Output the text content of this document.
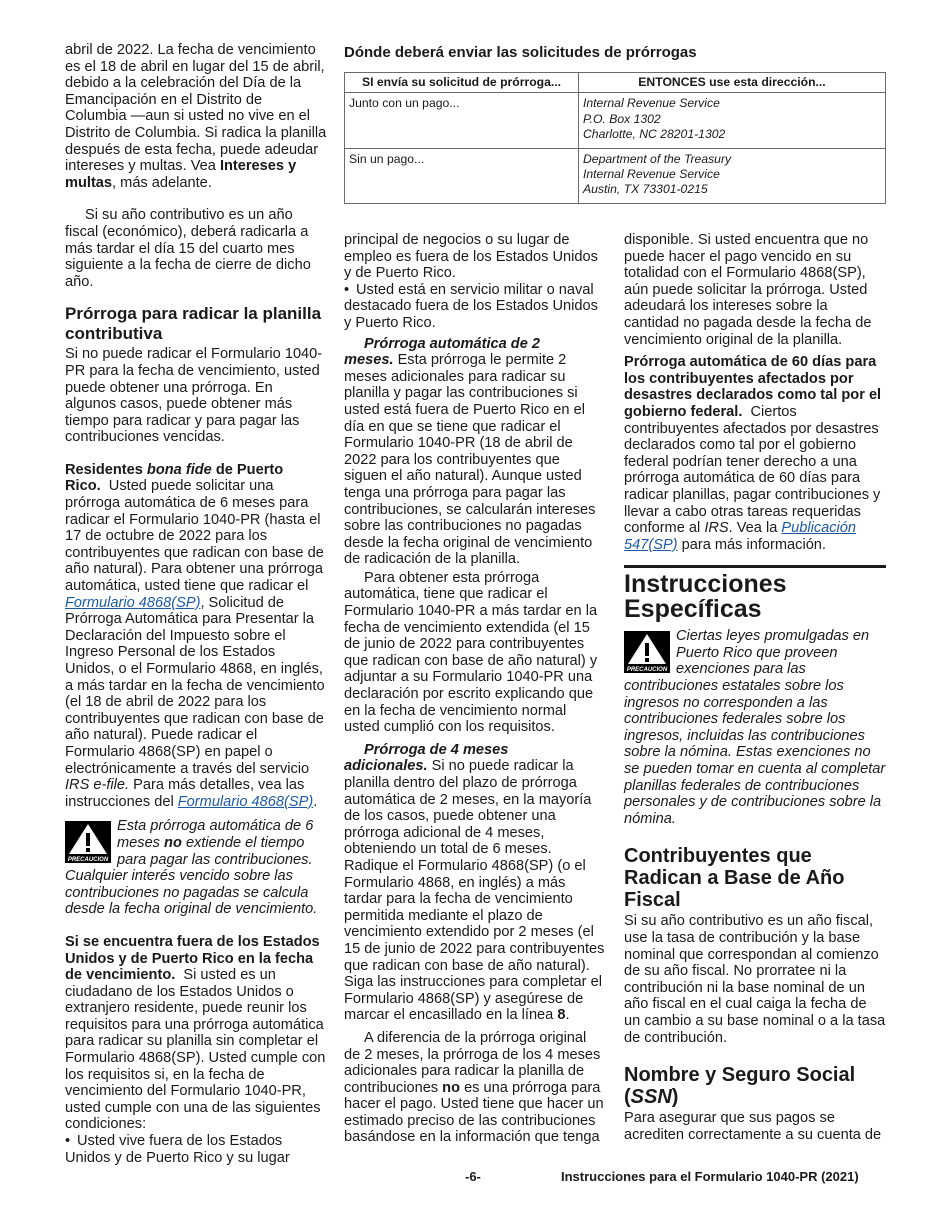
abril de 2022. La fecha de vencimiento es el 18 de abril en lugar del 15 de abril, debido a la celebración del Día de la Emancipación en el Distrito de Columbia —aun si usted no vive en el Distrito de Columbia. Si radica la planilla después de esta fecha, puede adeudar intereses y multas. Vea Intereses y multas, más adelante.

Si su año contributivo es un año fiscal (económico), deberá radicarla a más tardar el día 15 del cuarto mes siguiente a la fecha de cierre de dicho año.

Prórroga para radicar la planilla contributiva

Si no puede radicar el Formulario 1040-PR para la fecha de vencimiento, usted puede obtener una prórroga. En algunos casos, puede obtener más tiempo para radicar y para pagar las contribuciones vencidas.

Residentes bona fide de Puerto Rico. Usted puede solicitar una prórroga automática de 6 meses para radicar el Formulario 1040-PR (hasta el 17 de octubre de 2022 para los contribuyentes que radican con base de año natural). Para obtener una prórroga automática, usted tiene que radicar el Formulario 4868(SP), Solicitud de Prórroga Automática para Presentar la Declaración del Impuesto sobre el Ingreso Personal de los Estados Unidos, o el Formulario 4868, en inglés, a más tardar en la fecha de vencimiento (el 18 de abril de 2022 para los contribuyentes que radican con base de año natural). Puede radicar el Formulario 4868(SP) en papel o electrónicamente a través del servicio IRS e-file. Para más detalles, vea las instrucciones del Formulario 4868(SP).

PRECAUCION

Esta prórroga automática de 6 meses no extiende el tiempo para pagar las contribuciones. Cualquier interés vencido sobre las contribuciones no pagadas se calcula desde la fecha original de vencimiento.

Si se encuentra fuera de los Estados Unidos y de Puerto Rico en la fecha de vencimiento. Si usted es un ciudadano de los Estados Unidos o extranjero residente, puede reunir los requisitos para una prórroga automática para radicar su planilla sin completar el Formulario 4868(SP). Usted cumple con los requisitos si, en la fecha de vencimiento del Formulario 1040-PR, usted cumple con una de las siguientes condiciones:

• Usted vive fuera de los Estados Unidos y de Puerto Rico y su lugar

Dónde deberá enviar las solicitudes de prórrogas
SI envía su solicitud de prórroga...	ENTONCES use esta dirección...
Junto con un pago...	Internal Revenue Service
P.O. Box 1302
Charlotte, NC 28201-1302

Sin un pago...	Department of the Treasury
Internal Revenue Service
Austin, TX 73301-0215

principal de negocios o su lugar de empleo es fuera de los Estados Unidos y de Puerto Rico.

• Usted está en servicio militar o naval destacado fuera de los Estados Unidos y Puerto Rico.

Prórroga automática de 2 meses. Esta prórroga le permite 2 meses adicionales para radicar su planilla y pagar las contribuciones si usted está fuera de Puerto Rico en el día en que se tiene que radicar el Formulario 1040-PR (18 de abril de 2022 para los contribuyentes que siguen el año natural). Aunque usted tenga una prórroga para pagar las contribuciones, se calcularán intereses sobre las contribuciones no pagadas desde la fecha original de vencimiento de radicación de la planilla.

Para obtener esta prórroga automática, tiene que radicar el Formulario 1040-PR a más tardar en la fecha de vencimiento extendida (el 15 de junio de 2022 para contribuyentes que radican con base de año natural) y adjuntar a su Formulario 1040-PR una declaración por escrito explicando que en la fecha de vencimiento normal usted cumplió con los requisitos.

Prórroga de 4 meses adicionales. Si no puede radicar la planilla dentro del plazo de prórroga automática de 2 meses, en la mayoría de los casos, puede obtener una prórroga adicional de 4 meses, obteniendo un total de 6 meses. Radique el Formulario 4868(SP) (o el Formulario 4868, en inglés) a más tardar para la fecha de vencimiento permitida mediante el plazo de vencimiento extendido por 2 meses (el 15 de junio de 2022 para contribuyentes que radican con base de año natural). Siga las instrucciones para completar el Formulario 4868(SP) y asegúrese de marcar el encasillado en la línea 8.

A diferencia de la prórroga original de 2 meses, la prórroga de los 4 meses adicionales para radicar la planilla de contribuciones no es una prórroga para hacer el pago. Usted tiene que hacer un estimado preciso de las contribuciones basándose en la información que tenga

disponible. Si usted encuentra que no puede hacer el pago vencido en su totalidad con el Formulario 4868(SP), aún puede solicitar la prórroga. Usted adeudará los intereses sobre la cantidad no pagada desde la fecha de vencimiento original de la planilla.

Prórroga automática de 60 días para los contribuyentes afectados por desastres declarados como tal por el gobierno federal. Ciertos contribuyentes afectados por desastres declarados como tal por el gobierno federal podrían tener derecho a una prórroga automática de 60 días para radicar planillas, pagar contribuciones y llevar a cabo otras tareas requeridas conforme al IRS. Vea la Publicación 547(SP) para más información.

Instrucciones Específicas
PRECAUCION

Ciertas leyes promulgadas en Puerto Rico que proveen exenciones para las contribuciones estatales sobre los ingresos no corresponden a las contribuciones federales sobre los ingresos, incluidas las contribuciones sobre la nómina. Estas exenciones no se pueden tomar en cuenta al completar planillas federales de contribuciones personales y de contribuciones sobre la nómina.

Contribuyentes que Radican a Base de Año Fiscal

Si su año contributivo es un año fiscal, use la tasa de contribución y la base nominal que correspondan al comienzo de su año fiscal. No prorratee ni la contribución ni la base nominal de un año fiscal en el cual caiga la fecha de un cambio a su base nominal o a la tasa de contribución.

Nombre y Seguro Social (SSN)

Para asegurar que sus pagos se acrediten correctamente a su cuenta de

-6-	Instrucciones para el Formulario 1040-PR (2021)
